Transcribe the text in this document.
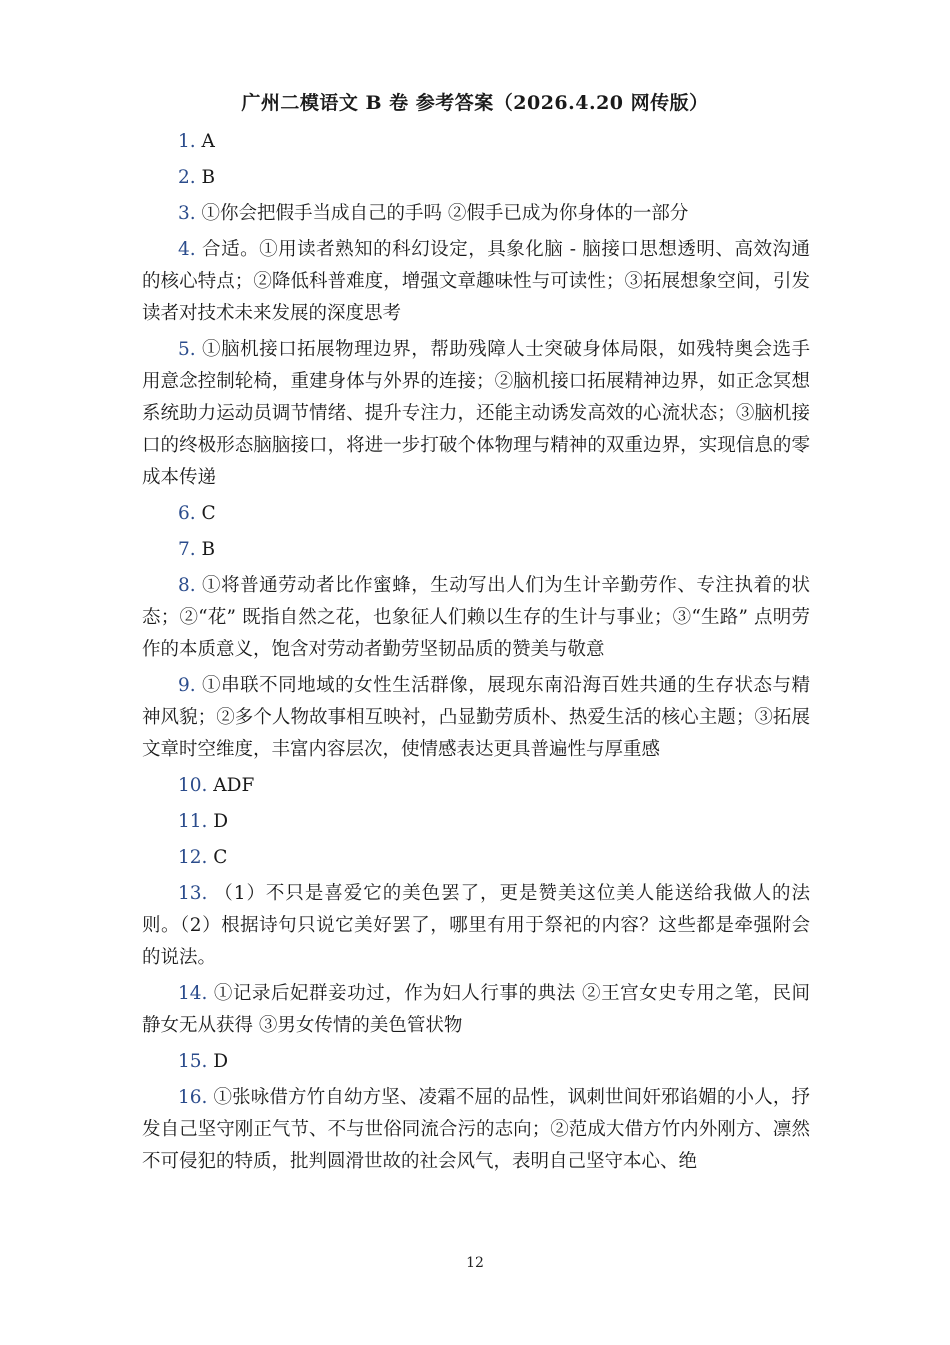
广州二模语文 B 卷 参考答案（2026.4.20 网传版）
1. A
2. B
3. ①你会把假手当成自己的手吗 ②假手已成为你身体的一部分
4. 合适。①用读者熟知的科幻设定，具象化脑 - 脑接口思想透明、高效沟通的核心特点；②降低科普难度，增强文章趣味性与可读性；③拓展想象空间，引发读者对技术未来发展的深度思考
5. ①脑机接口拓展物理边界，帮助残障人士突破身体局限，如残特奥会选手用意念控制轮椅，重建身体与外界的连接；②脑机接口拓展精神边界，如正念冥想系统助力运动员调节情绪、提升专注力，还能主动诱发高效的心流状态；③脑机接口的终极形态脑脑接口，将进一步打破个体物理与精神的双重边界，实现信息的零成本传递
6. C
7. B
8. ①将普通劳动者比作蜜蜂，生动写出人们为生计辛勤劳作、专注执着的状态；②“花” 既指自然之花，也象征人们赖以生存的生计与事业；③“生路” 点明劳作的本质意义，饱含对劳动者勤劳坚韧品质的赞美与敬意
9. ①串联不同地域的女性生活群像，展现东南沿海百姓共通的生存状态与精神风貌；②多个人物故事相互映衬，凸显勤劳质朴、热爱生活的核心主题；③拓展文章时空维度，丰富内容层次，使情感表达更具普遍性与厚重感
10. ADF
11. D
12. C
13. （1）不只是喜爱它的美色罢了，更是赞美这位美人能送给我做人的法则。（2）根据诗句只说它美好罢了，哪里有用于祭祀的内容？这些都是牵强附会的说法。
14. ①记录后妃群妾功过，作为妇人行事的典法 ②王宫女史专用之笔，民间静女无从获得 ③男女传情的美色管状物
15. D
16. ①张咏借方竹自幼方坚、凌霜不屈的品性，讽刺世间奸邪谄媚的小人，抒发自己坚守刚正气节、不与世俗同流合污的志向；②范成大借方竹内外刚方、凛然不可侵犯的特质，批判圆滑世故的社会风气，表明自己坚守本心、绝
12
